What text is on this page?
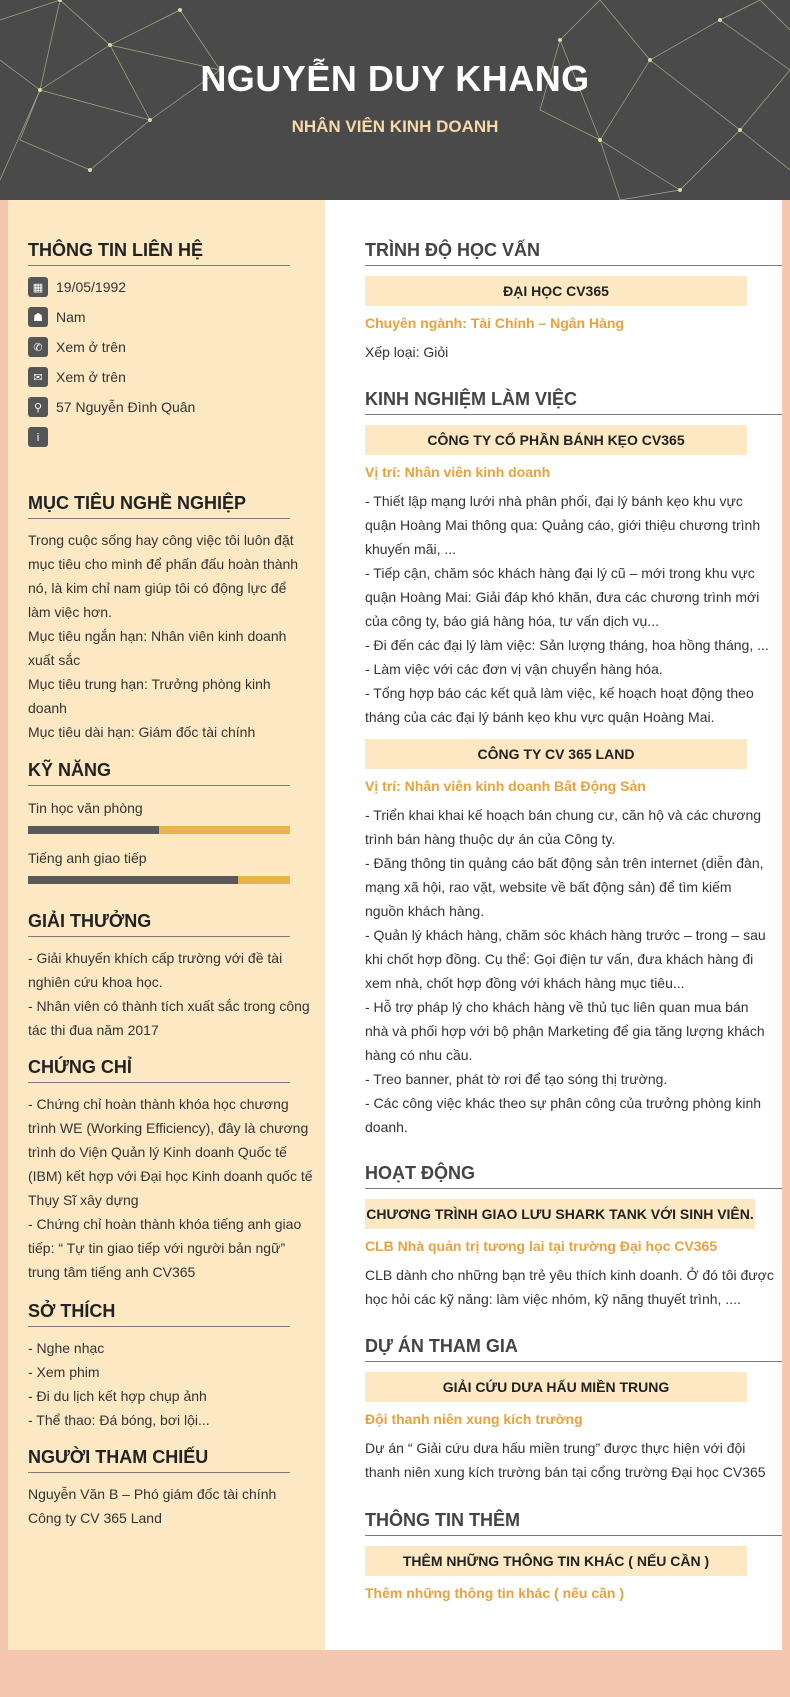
NGUYỄN DUY KHANG
NHÂN VIÊN KINH DOANH
THÔNG TIN LIÊN HỆ
▦ 19/05/1992
☗ Nam
✆ Xem ở trên
✉ Xem ở trên
⚲ 57 Nguyễn Đình Quân
i
MỤC TIÊU NGHỀ NGHIỆP
Trong cuộc sống hay công việc tôi luôn đặt
mục tiêu cho mình để phấn đấu hoàn thành
nó, là kim chỉ nam giúp tôi có động lực để
làm việc hơn.
Mục tiêu ngắn hạn: Nhân viên kinh doanh
xuất sắc
Mục tiêu trung hạn: Trưởng phòng kinh
doanh
Mục tiêu dài hạn: Giám đốc tài chính
KỸ NĂNG
Tin học văn phòng
Tiếng anh giao tiếp
GIẢI THƯỞNG
- Giải khuyến khích cấp trường với đề tài
nghiên cứu khoa học.
- Nhân viên có thành tích xuất sắc trong công
tác thi đua năm 2017
CHỨNG CHỈ
- Chứng chỉ hoàn thành khóa học chương
trình WE (Working Efficiency), đây là chương
trình do Viện Quản lý Kinh doanh Quốc tế
(IBM) kết hợp với Đại học Kinh doanh quốc tế
Thụy Sĩ xây dựng
- Chứng chỉ hoàn thành khóa tiếng anh giao
tiếp: “ Tự tin giao tiếp với người bản ngữ”
trung tâm tiếng anh CV365
SỞ THÍCH
- Nghe nhạc
- Xem phim
- Đi du lịch kết hợp chụp ảnh
- Thể thao: Đá bóng, bơi lội...
NGƯỜI THAM CHIẾU
Nguyễn Văn B – Phó giám đốc tài chính
Công ty CV 365 Land
TRÌNH ĐỘ HỌC VẤN
ĐẠI HỌC CV365
Chuyên ngành: Tài Chính – Ngân Hàng
Xếp loại: Giỏi
KINH NGHIỆM LÀM VIỆC
CÔNG TY CỔ PHẦN BÁNH KẸO CV365
Vị trí: Nhân viên kinh doanh
- Thiết lập mạng lưới nhà phân phối, đại lý bánh kẹo khu vực
quận Hoàng Mai thông qua: Quảng cáo, giới thiệu chương trình
khuyến mãi, ...
- Tiếp cận, chăm sóc khách hàng đại lý cũ – mới trong khu vực
quận Hoàng Mai: Giải đáp khó khăn, đưa các chương trình mới
của công ty, báo giá hàng hóa, tư vấn dịch vụ...
- Đi đến các đại lý làm việc: Sản lượng tháng, hoa hồng tháng, ...
- Làm việc với các đơn vị vận chuyển hàng hóa.
- Tổng hợp báo các kết quả làm việc, kế hoạch hoạt động theo
tháng của các đại lý bánh kẹo khu vực quận Hoàng Mai.
CÔNG TY CV 365 LAND
Vị trí: Nhân viên kinh doanh Bất Động Sản
- Triển khai khai kế hoạch bán chung cư, căn hộ và các chương
trình bán hàng thuộc dự án của Công ty.
- Đăng thông tin quảng cáo bất động sản trên internet (diễn đàn,
mạng xã hội, rao vặt, website về bất động sản) để tìm kiếm
nguồn khách hàng.
- Quản lý khách hàng, chăm sóc khách hàng trước – trong – sau
khi chốt hợp đồng. Cụ thể: Gọi điện tư vấn, đưa khách hàng đi
xem nhà, chốt hợp đồng với khách hàng mục tiêu...
- Hỗ trợ pháp lý cho khách hàng về thủ tục liên quan mua bán
nhà và phối hợp với bộ phận Marketing để gia tăng lượng khách
hàng có nhu cầu.
- Treo banner, phát tờ rơi để tạo sóng thị trường.
- Các công việc khác theo sự phân công của trưởng phòng kinh
doanh.
HOẠT ĐỘNG
CHƯƠNG TRÌNH GIAO LƯU SHARK TANK VỚI SINH VIÊN.
CLB Nhà quản trị tương lai tại trường Đại học CV365
CLB dành cho những bạn trẻ yêu thích kinh doanh. Ở đó tôi được
học hỏi các kỹ năng: làm việc nhóm, kỹ năng thuyết trình, ....
DỰ ÁN THAM GIA
GIẢI CỨU DƯA HẤU MIỀN TRUNG
Đội thanh niên xung kích trường
Dự án “ Giải cứu dưa hấu miền trung” được thực hiện với đội
thanh niên xung kích trường bán tại cổng trường Đại học CV365
THÔNG TIN THÊM
THÊM NHỮNG THÔNG TIN KHÁC ( NẾU CẦN )
Thêm những thông tin khác ( nếu cần )
